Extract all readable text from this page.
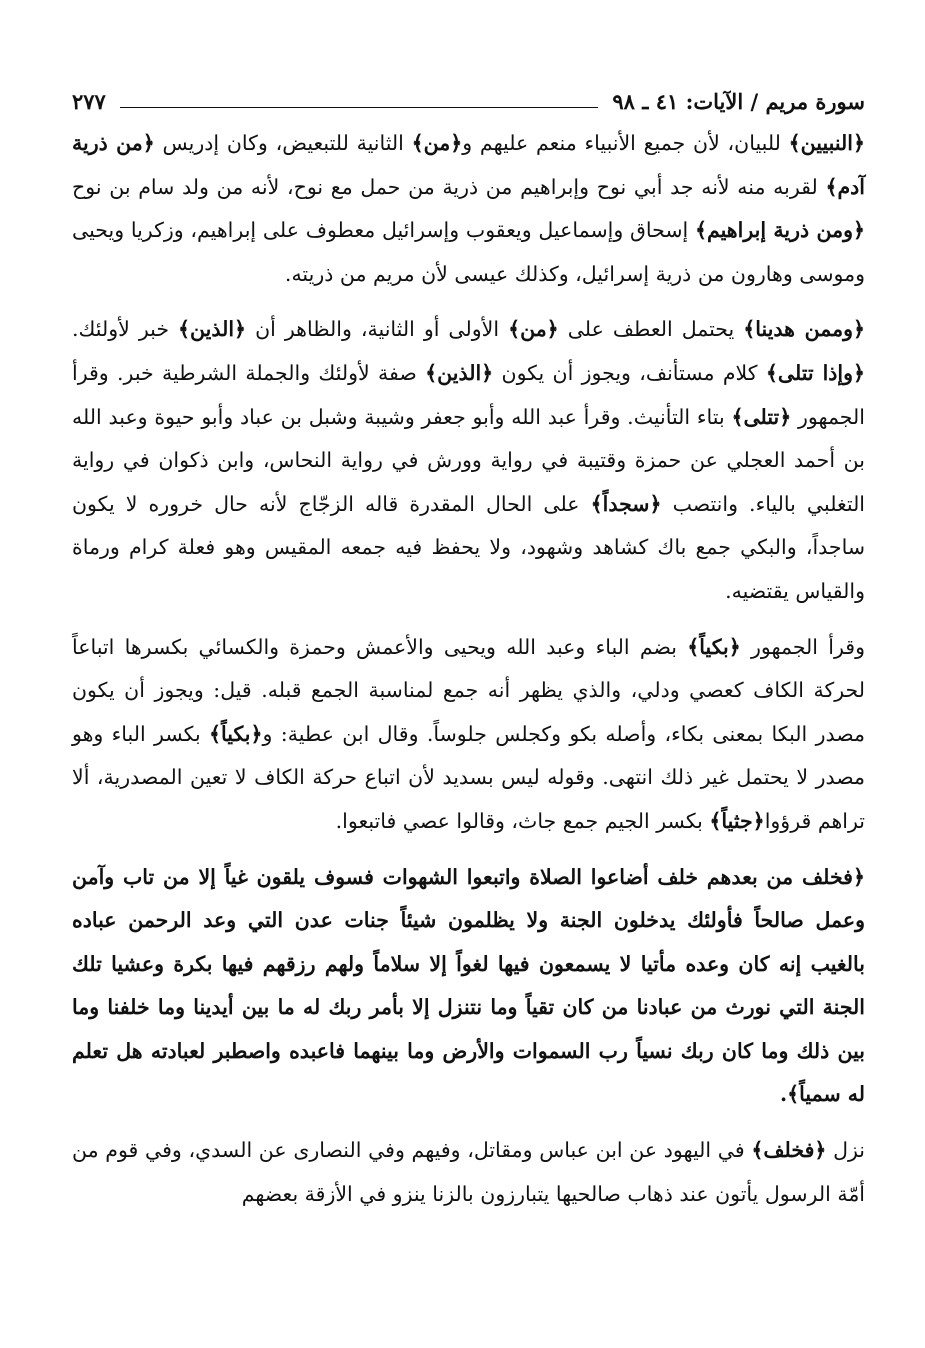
سورة مريم / الآيات: ٤١ ـ ٩٨
٢٧٧

﴿النبيين﴾ للبيان، لأن جميع الأنبياء منعم عليهم و﴿من﴾ الثانية للتبعيض، وكان إدريس ﴿من ذرية آدم﴾ لقربه منه لأنه جد أبي نوح وإبراهيم من ذرية من حمل مع نوح، لأنه من ولد سام بن نوح ﴿ومن ذرية إبراهيم﴾ إسحاق وإسماعيل ويعقوب وإسرائيل معطوف على إبراهيم، وزكريا ويحيى وموسى وهارون من ذرية إسرائيل، وكذلك عيسى لأن مريم من ذريته.

﴿وممن هدينا﴾ يحتمل العطف على ﴿من﴾ الأولى أو الثانية، والظاهر أن ﴿الذين﴾ خبر لأولئك. ﴿وإذا تتلى﴾ كلام مستأنف، ويجوز أن يكون ﴿الذين﴾ صفة لأولئك والجملة الشرطية خبر. وقرأ الجمهور ﴿تتلى﴾ بتاء التأنيث. وقرأ عبد الله وأبو جعفر وشيبة وشبل بن عباد وأبو حيوة وعبد الله بن أحمد العجلي عن حمزة وقتيبة في رواية وورش في رواية النحاس، وابن ذكوان في رواية التغلبي بالياء. وانتصب ﴿سجداً﴾ على الحال المقدرة قاله الزجّاج لأنه حال خروره لا يكون ساجداً، والبكي جمع باك كشاهد وشهود، ولا يحفظ فيه جمعه المقيس وهو فعلة كرام ورماة والقياس يقتضيه.

وقرأ الجمهور ﴿بكياً﴾ بضم الباء وعبد الله ويحيى والأعمش وحمزة والكسائي بكسرها اتباعاً لحركة الكاف كعصي ودلي، والذي يظهر أنه جمع لمناسبة الجمع قبله. قيل: ويجوز أن يكون مصدر البكا بمعنى بكاء، وأصله بكو وكجلس جلوساً. وقال ابن عطية: و﴿بكياً﴾ بكسر الباء وهو مصدر لا يحتمل غير ذلك انتهى. وقوله ليس بسديد لأن اتباع حركة الكاف لا تعين المصدرية، ألا تراهم قرؤوا﴿جثياً﴾ بكسر الجيم جمع جاث، وقالوا عصي فاتبعوا.

﴿فخلف من بعدهم خلف أضاعوا الصلاة واتبعوا الشهوات فسوف يلقون غياً إلا من تاب وآمن وعمل صالحاً فأولئك يدخلون الجنة ولا يظلمون شيئاً جنات عدن التي وعد الرحمن عباده بالغيب إنه كان وعده مأتيا لا يسمعون فيها لغواً إلا سلاماً ولهم رزقهم فيها بكرة وعشيا تلك الجنة التي نورث من عبادنا من كان تقياً وما نتنزل إلا بأمر ربك له ما بين أيدينا وما خلفنا وما بين ذلك وما كان ربك نسياً رب السموات والأرض وما بينهما فاعبده واصطبر لعبادته هل تعلم له سمياً﴾.

نزل ﴿فخلف﴾ في اليهود عن ابن عباس ومقاتل، وفيهم وفي النصارى عن السدي، وفي قوم من أمّة الرسول يأتون عند ذهاب صالحيها يتبارزون بالزنا ينزو في الأزقة بعضهم
